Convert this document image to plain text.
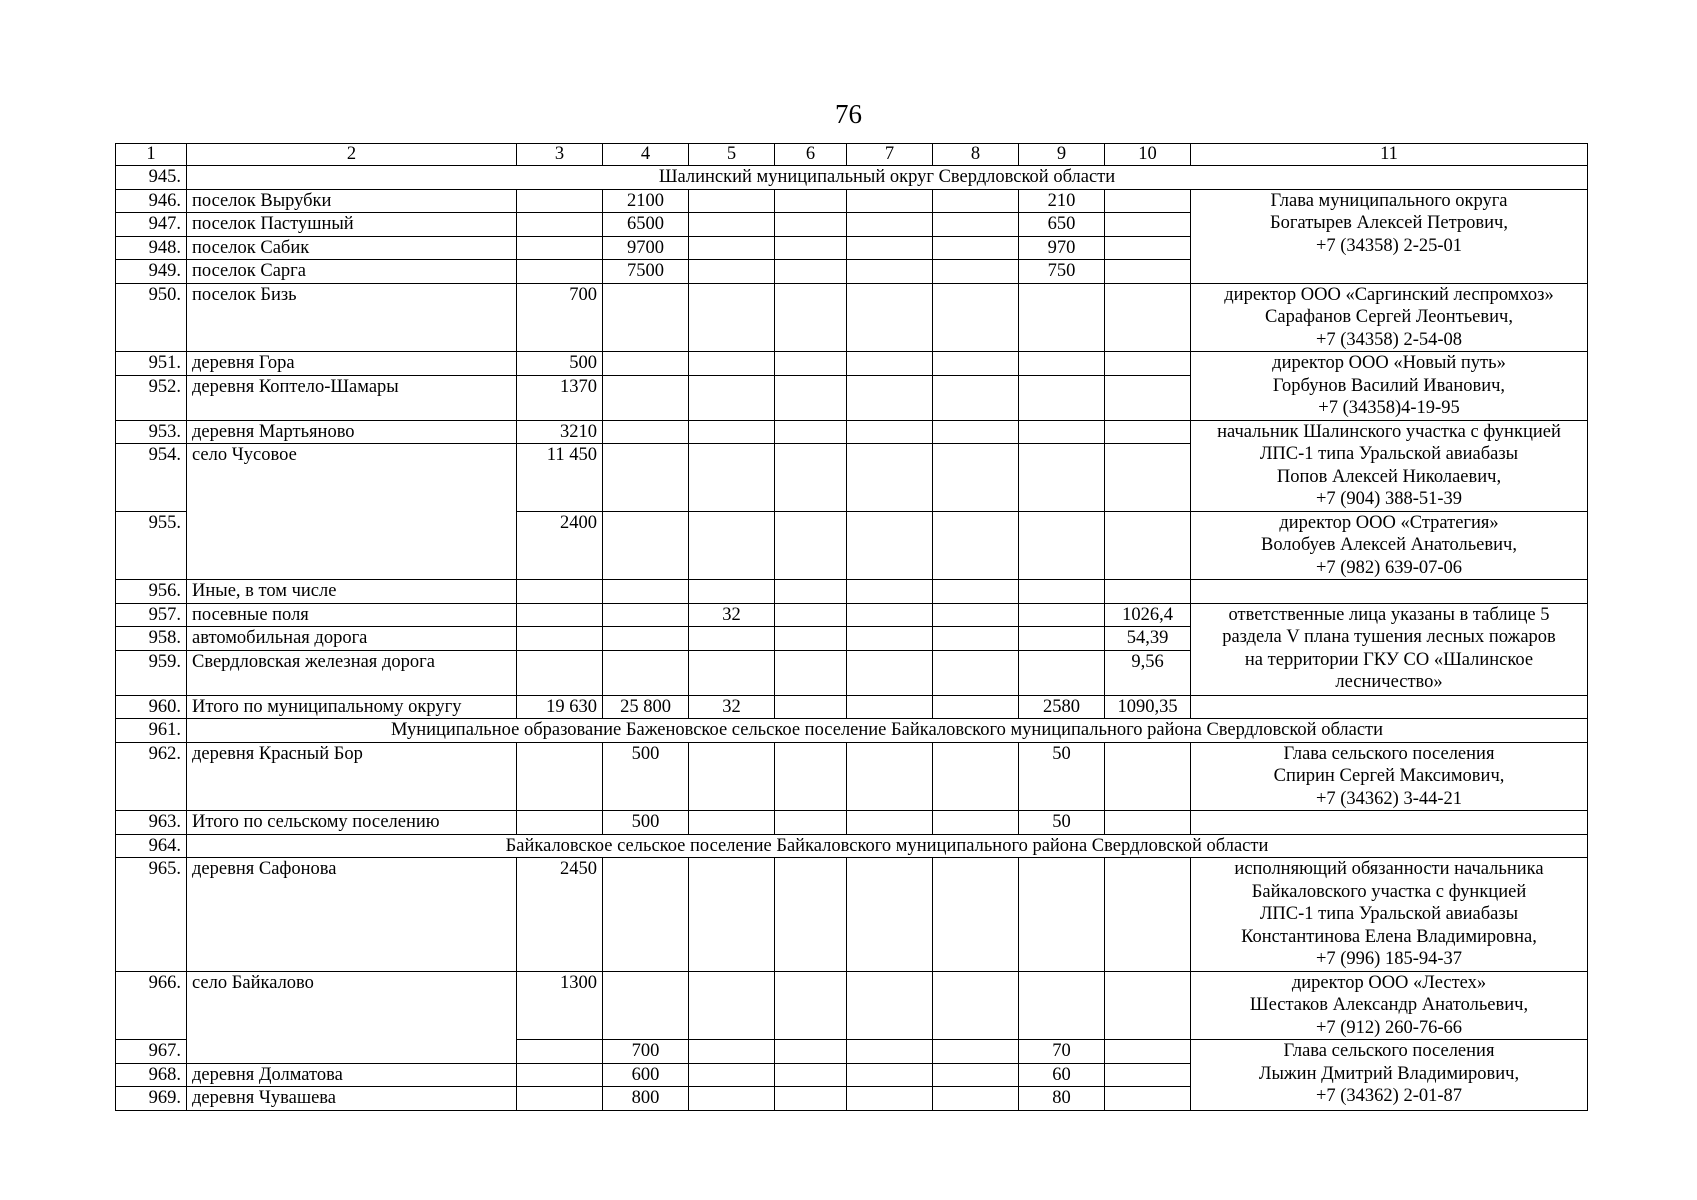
76
1	2	3	4	5	6	7	8	9	10	11
945.	Шалинский муниципальный округ Свердловской области									
946.	поселок Вырубки		2100					210		Глава муниципального округа
Богатырев Алексей Петрович,
+7 (34358) 2-25-01
947.	поселок Пастушный		6500					650		
948.	поселок Сабик		9700					970		
949.	поселок Сарга		7500					750		
950.	поселок Бизь	700								директор ООО «Саргинский леспромхоз»
Сарафанов Сергей Леонтьевич,
+7 (34358) 2-54-08
951.	деревня Гора	500								директор ООО «Новый путь»
Горбунов Василий Иванович,
+7 (34358)4-19-95
952.	деревня Коптело-Шамары	1370								
953.	деревня Мартьяново	3210								начальник Шалинского участка с функцией
ЛПС-1 типа Уральской авиабазы
Попов Алексей Николаевич,
+7 (904) 388-51-39
954.	село Чусовое	11 450								
955.		2400								директор ООО «Стратегия»
Волобуев Алексей Анатольевич,
+7 (982) 639-07-06
956.	Иные, в том числе									
957.	посевные поля			32					1026,4	ответственные лица указаны в таблице 5
раздела V плана тушения лесных пожаров
на территории ГКУ СО «Шалинское
лесничество»
958.	автомобильная дорога								54,39	
959.	Свердловская железная дорога								9,56	
960.	Итого по муниципальному округу	19 630	25 800	32				2580	1090,35	
961.	Муниципальное образование Баженовское сельское поселение Байкаловского муниципального района Свердловской области									
962.	деревня Красный Бор		500					50		Глава сельского поселения
Спирин Сергей Максимович,
+7 (34362) 3-44-21
963.	Итого по сельскому поселению		500					50		
964.	Байкаловское сельское поселение Байкаловского муниципального района Свердловской области									
965.	деревня Сафонова	2450								исполняющий обязанности начальника
Байкаловского участка с функцией
ЛПС-1 типа Уральской авиабазы
Константинова Елена Владимировна,
+7 (996) 185-94-37
966.	село Байкалово	1300								директор ООО «Лестех»
Шестаков Александр Анатольевич,
+7 (912) 260-76-66
967.			700					70		Глава сельского поселения
Лыжин Дмитрий Владимирович,
+7 (34362) 2-01-87
968.	деревня Долматова		600					60		
969.	деревня Чувашева		800					80		
